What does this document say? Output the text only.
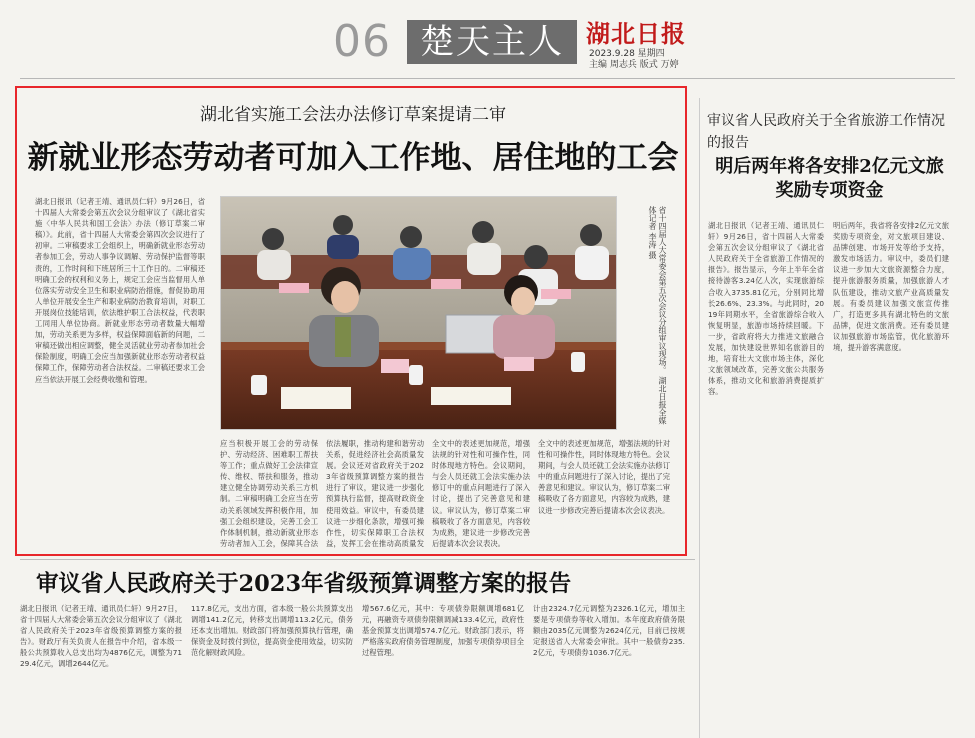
06 楚天主人 湖北日报
2023.9.28 星期四
主编 周志兵 版式 万婷
湖北省实施工会法办法修订草案提请二审
新就业形态劳动者可加入工作地、居住地的工会
湖北日报讯（记者王靖、通讯员仁轩）9月26日，省十四届人大常委会第五次会议分组审议了《湖北省实施〈中华人民共和国工会法〉办法（修订草案二审稿）》。此前，省十四届人大常委会第四次会议进行了初审。二审稿要求工会组织上，明确新就业形态劳动者参加工会，劳动人事争议调解、劳动保护监督等职责的，工作时间和下班居所三十工作日的。二审稿还明确工会的权利和义务上，规定工会应当监督用人单位落实劳动安全卫生和职业病防治措施，督促协助用人单位开展安全生产和职业病防治教育培训，对职工开展岗位技能培训，依法维护职工合法权益，代表职工同用人单位协商。新就业形态劳动者数量大幅增加，劳动关系更为多样，权益保障面临新的问题，二审稿还做出相应调整，健全灵活就业劳动者参加社会保险制度，明确工会应当加强新就业形态劳动者权益保障工作，保障劳动者合法权益。二审稿还要求工会应当依法开展工会经费收缴和管理。	省十四届人大常委会第五次会议分组审议现场。 湖北日报全媒体记者 李涛 摄
应当积极开展工会的劳动保护、劳动经济、困难职工帮扶等工作；重点做好工会法律宣传、维权、帮扶和服务，推动建立健全协调劳动关系三方机制。二审稿明确工会应当在劳动关系领域发挥积极作用，加强工会组织建设，完善工会工作体制机制，推动新就业形态劳动者加入工会，保障其合法
依法履职，推动构建和谐劳动关系，促进经济社会高质量发展。会议还对省政府关于2023年省级预算调整方案的报告进行了审议，建议进一步强化预算执行监督，提高财政资金使用效益。审议中，有委员建议进一步细化条款，增强可操作性，切实保障职工合法权益，发挥工会在推动高质量发
全文中的表述更加规范，增强法规的针对性和可操作性，同时体现地方特色。会议期间，与会人员还就工会法实施办法修订中的重点问题进行了深入讨论，提出了完善意见和建议。审议认为，修订草案二审稿吸收了各方面意见，内容较为成熟，建议进一步修改完善后提请本次会议表决。
全文中的表述更加规范，增强法规的针对性和可操作性，同时体现地方特色。会议期间，与会人员还就工会法实施办法修订中的重点问题进行了深入讨论，提出了完善意见和建议。审议认为，修订草案二审稿吸收了各方面意见，内容较为成熟，建议进一步修改完善后提请本次会议表决。
审议省人民政府关于全省旅游工作情况的报告
明后两年将各安排2亿元文旅奖励专项资金
湖北日报讯（记者王靖、通讯员仁轩）9月26日，省十四届人大常委会第五次会议分组审议了《湖北省人民政府关于全省旅游工作情况的报告》。报告显示，今年上半年全省接待游客3.24亿人次，实现旅游综合收入3735.81亿元，分别同比增长26.6%、23.3%。与此同时，2019年同期水平，全省旅游综合收入恢复明显，旅游市场持续回暖。下一步，省政府将大力推进文旅融合发展，加快建设世界知名旅游目的地，培育壮大文旅市场主体，深化文旅领域改革，完善文旅公共服务体系，推动文化和旅游消费提质扩容。
明后两年，我省将各安排2亿元文旅奖励专项资金，对文旅项目建设、品牌创建、市场开发等给予支持，激发市场活力。审议中，委员们建议进一步加大文旅资源整合力度，提升旅游服务质量，加强旅游人才队伍建设，推动文旅产业高质量发展。有委员建议加强文旅宣传推广，打造更多具有湖北特色的文旅品牌，促进文旅消费。还有委员建议加强旅游市场监管，优化旅游环境，提升游客满意度。
审议省人民政府关于2023年省级预算调整方案的报告
湖北日报讯（记者王靖、通讯员仁轩）9月27日，省十四届人大常委会第五次会议分组审议了《湖北省人民政府关于2023年省级预算调整方案的报告》。财政厅有关负责人在报告中介绍，省本级一般公共预算收入总支出均为4876亿元，调整为7129.4亿元，调增2644亿元。
117.8亿元，支出方面，省本级一般公共预算支出调增141.2亿元，转移支出调增113.2亿元，债务还本支出增加。财政部门将加强预算执行管理，确保资金及时拨付到位，提高资金使用效益，切实防范化解财政风险。
增567.6亿元，其中：专项债券限额调增681亿元，再融资专项债券限额调减133.4亿元，政府性基金预算支出调增574.7亿元。财政部门表示，将严格落实政府债务管理制度，加强专项债券项目全过程管理。
计由2324.7亿元调整为2326.1亿元，增加主要是专项债券等收入增加。本年度政府债务限额由2035亿元调整为2624亿元，目前已按规定报送省人大常委会审批。其中一般债券235.2亿元，专项债券1036.7亿元。
